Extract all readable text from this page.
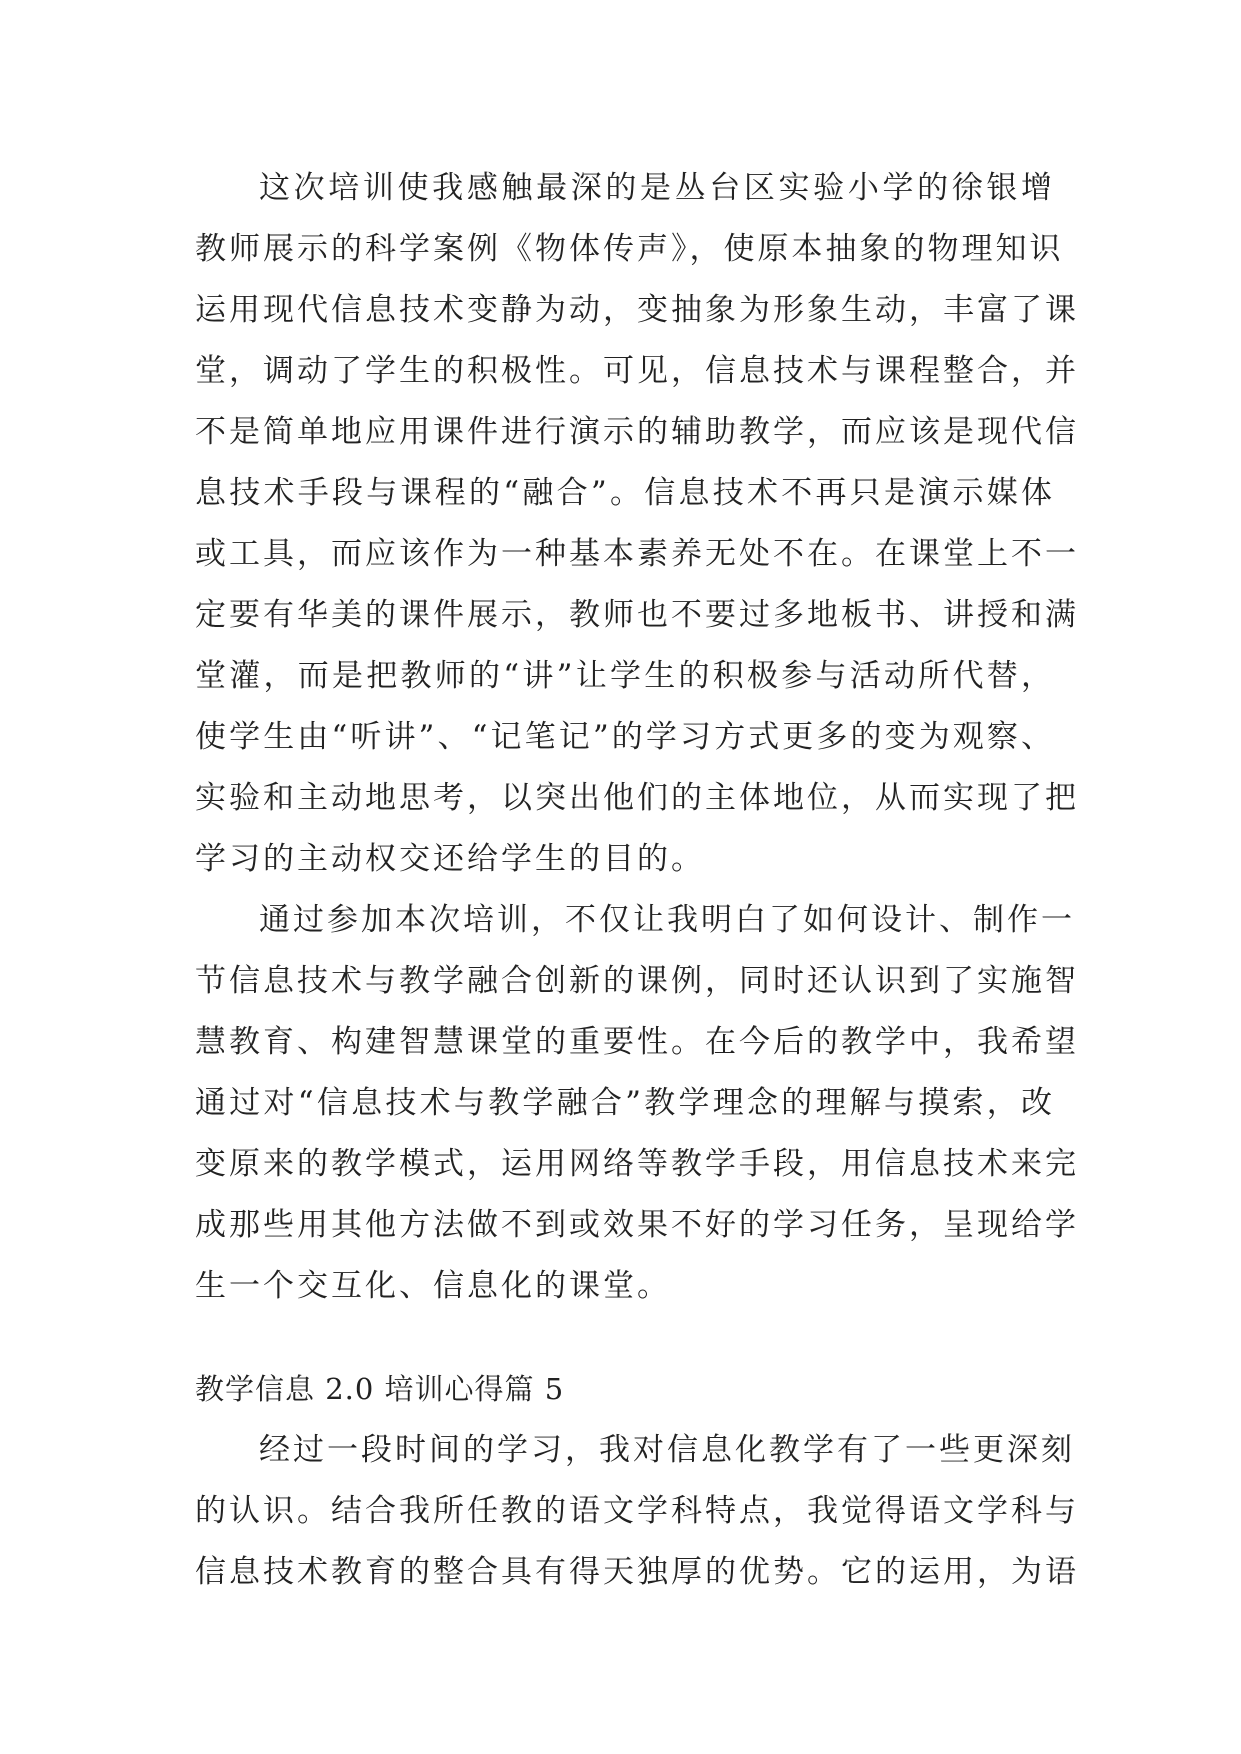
这次培训使我感触最深的是丛台区实验小学的徐银增
教师展示的科学案例《物体传声》，使原本抽象的物理知识
运用现代信息技术变静为动，变抽象为形象生动，丰富了课
堂，调动了学生的积极性。可见，信息技术与课程整合，并
不是简单地应用课件进行演示的辅助教学，而应该是现代信
息技术手段与课程的“融合”。信息技术不再只是演示媒体
或工具，而应该作为一种基本素养无处不在。在课堂上不一
定要有华美的课件展示，教师也不要过多地板书、讲授和满
堂灌，而是把教师的“讲”让学生的积极参与活动所代替，
使学生由“听讲”、“记笔记”的学习方式更多的变为观察、
实验和主动地思考，以突出他们的主体地位，从而实现了把
学习的主动权交还给学生的目的。
通过参加本次培训，不仅让我明白了如何设计、制作一
节信息技术与教学融合创新的课例，同时还认识到了实施智
慧教育、构建智慧课堂的重要性。在今后的教学中，我希望
通过对“信息技术与教学融合”教学理念的理解与摸索，改
变原来的教学模式，运用网络等教学手段，用信息技术来完
成那些用其他方法做不到或效果不好的学习任务，呈现给学
生一个交互化、信息化的课堂。
教学信息 2.0 培训心得篇 5
经过一段时间的学习，我对信息化教学有了一些更深刻
的认识。结合我所任教的语文学科特点，我觉得语文学科与
信息技术教育的整合具有得天独厚的优势。它的运用，为语
